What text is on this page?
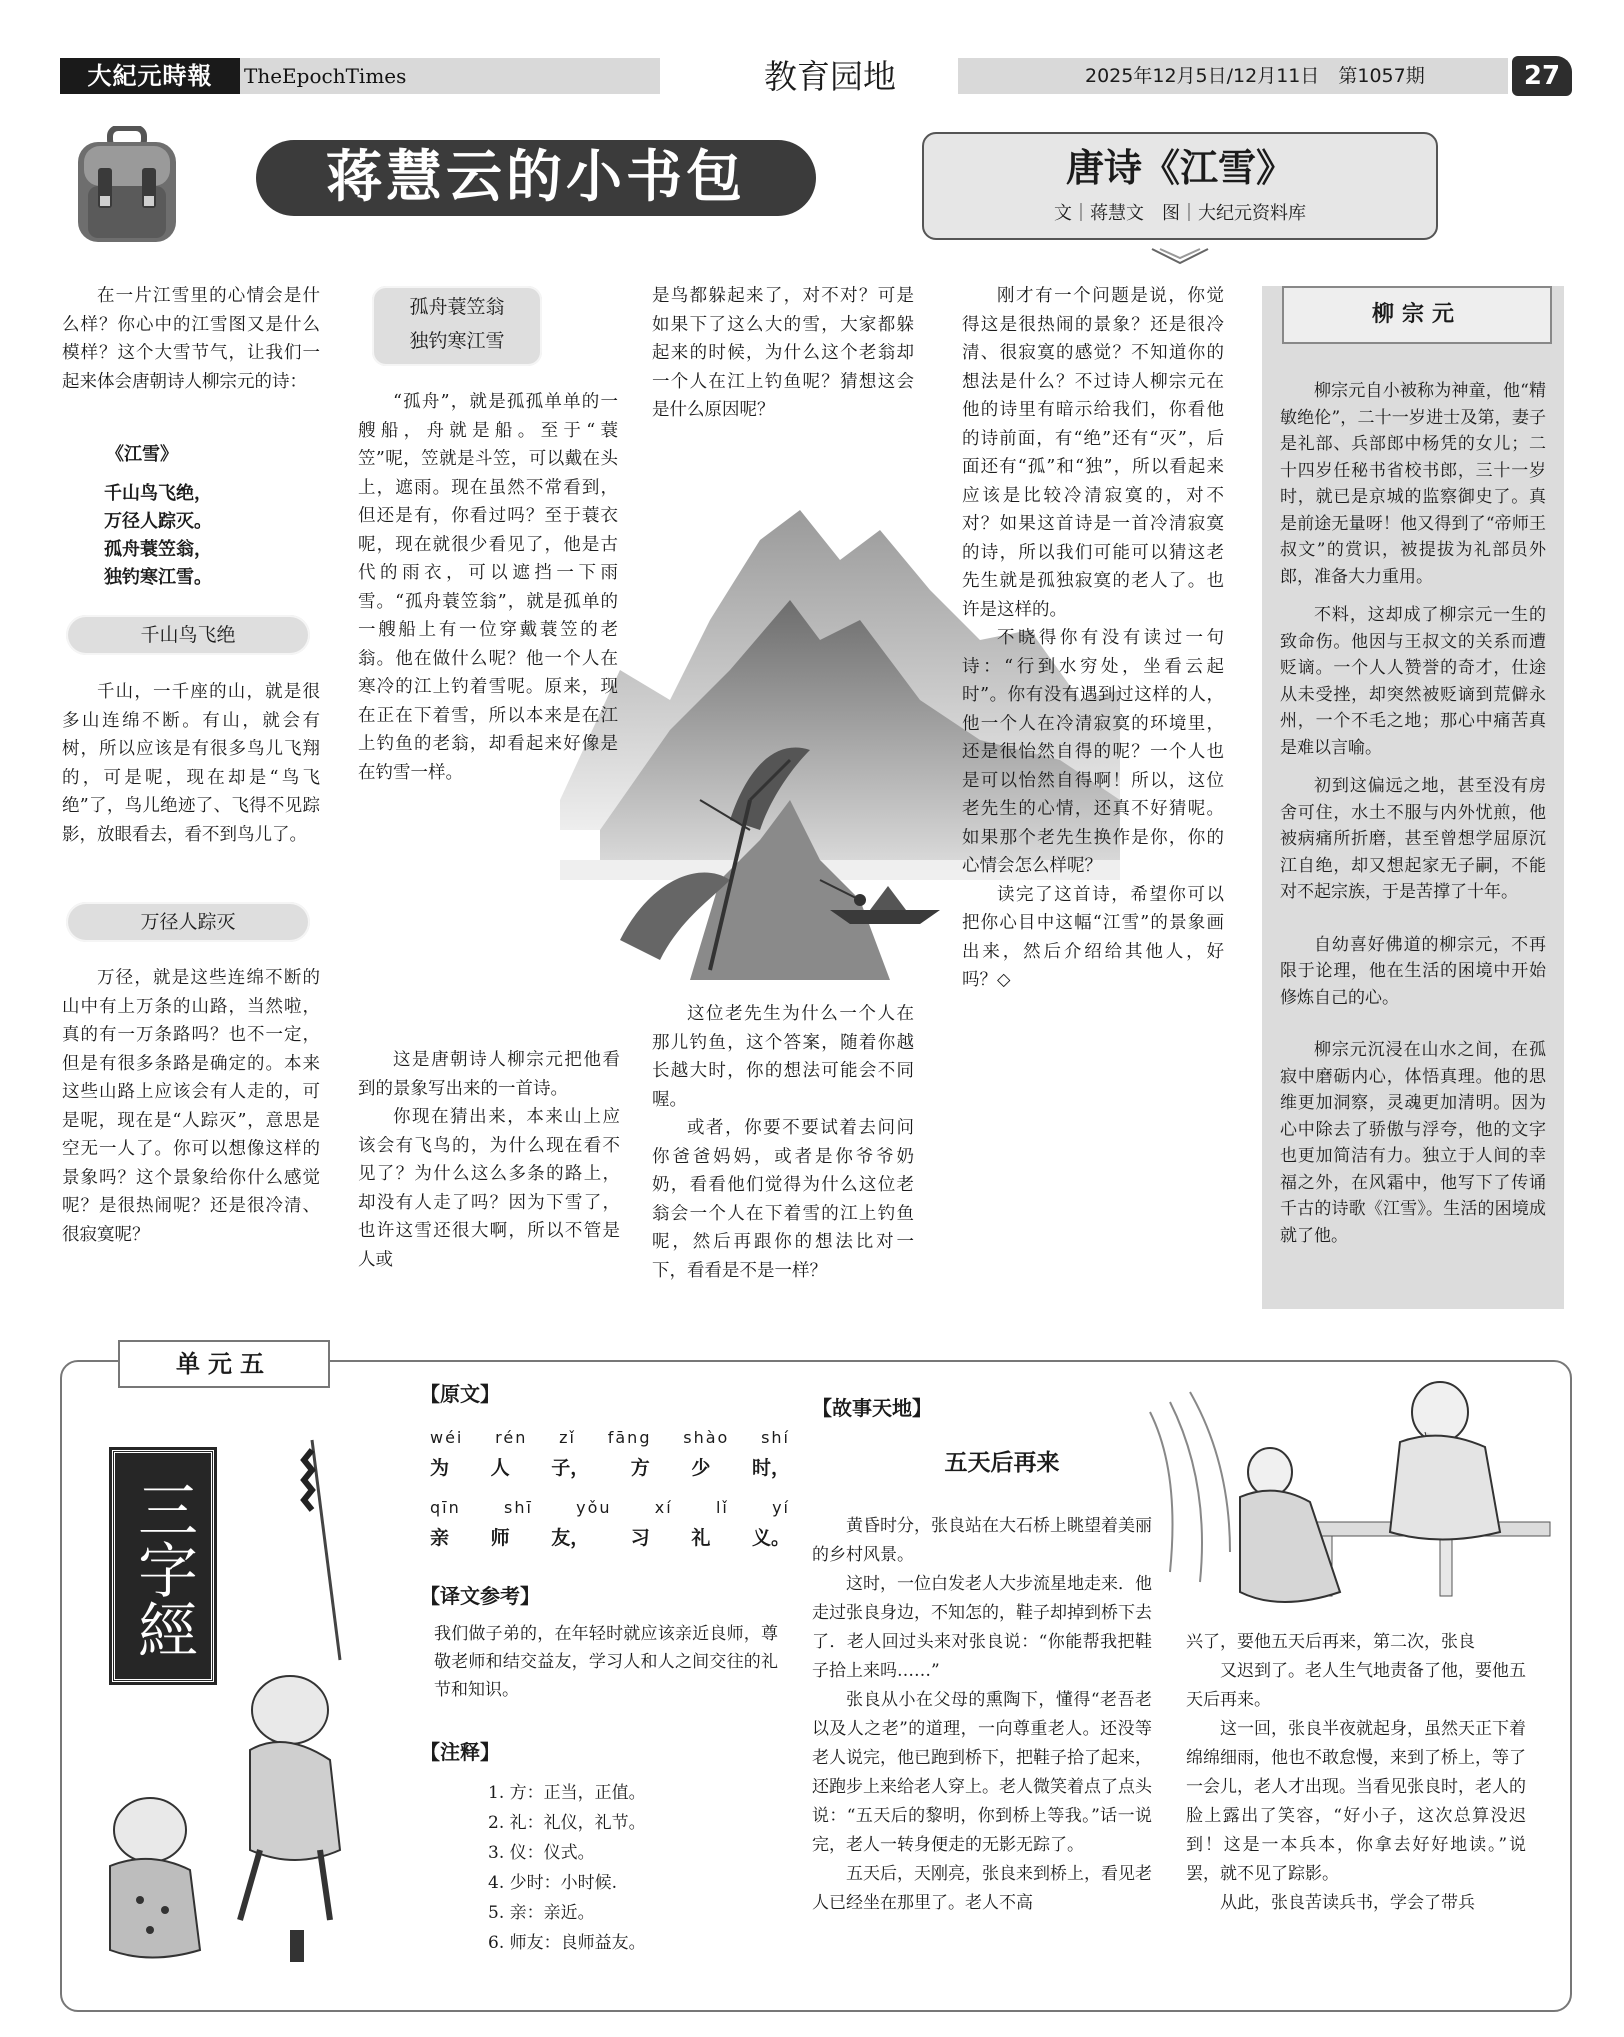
大紀元時報	TheEpochTimes	教育园地	2025年12月5日/12月11日　第1057期	27
蒋慧云的小书包	唐诗《江雪》
文｜蒋慧文　图｜大纪元资料库

在一片江雪里的心情会是什么样？你心中的江雪图又是什么模样？这个大雪节气，让我们一起来体会唐朝诗人柳宗元的诗：

《江雪》
千山鸟飞绝，
万径人踪灭。
孤舟蓑笠翁，
独钓寒江雪。
千山鸟飞绝

千山，一千座的山，就是很多山连绵不断。有山，就会有树，所以应该是有很多鸟儿飞翔的，可是呢，现在却是“鸟飞绝”了，鸟儿绝迹了、飞得不见踪影，放眼看去，看不到鸟儿了。

万径人踪灭

万径，就是这些连绵不断的山中有上万条的山路，当然啦，真的有一万条路吗？也不一定，但是有很多条路是确定的。本来这些山路上应该会有人走的，可是呢，现在是“人踪灭”，意思是空无一人了。你可以想像这样的景象吗？这个景象给你什么感觉呢？是很热闹呢？还是很冷清、很寂寞呢？

孤舟蓑笠翁
独钓寒江雪

“孤舟”，就是孤孤单单的一艘船，舟就是船。至于“蓑笠”呢，笠就是斗笠，可以戴在头上，遮雨。现在虽然不常看到，但还是有，你看过吗？至于蓑衣呢，现在就很少看见了，他是古代的雨衣，可以遮挡一下雨雪。“孤舟蓑笠翁”，就是孤单的一艘船上有一位穿戴蓑笠的老翁。他在做什么呢？他一个人在寒冷的江上钓着雪呢。原来，现在正在下着雪，所以本来是在江上钓鱼的老翁，却看起来好像是在钓雪一样。

这是唐朝诗人柳宗元把他看到的景象写出来的一首诗。

你现在猜出来，本来山上应该会有飞鸟的，为什么现在看不见了？为什么这么多条的路上，却没有人走了吗？因为下雪了，也许这雪还很大啊，所以不管是人或

是鸟都躲起来了，对不对？可是如果下了这么大的雪，大家都躲起来的时候，为什么这个老翁却一个人在江上钓鱼呢？猜想这会是什么原因呢？

这位老先生为什么一个人在那儿钓鱼，这个答案，随着你越长越大时，你的想法可能会不同喔。

或者，你要不要试着去问问你爸爸妈妈，或者是你爷爷奶奶，看看他们觉得为什么这位老翁会一个人在下着雪的江上钓鱼呢，然后再跟你的想法比对一下，看看是不是一样？

刚才有一个问题是说，你觉得这是很热闹的景象？还是很冷清、很寂寞的感觉？不知道你的想法是什么？不过诗人柳宗元在他的诗里有暗示给我们，你看他的诗前面，有“绝”还有“灭”，后面还有“孤”和“独”，所以看起来应该是比较冷清寂寞的，对不对？如果这首诗是一首冷清寂寞的诗，所以我们可能可以猜这老先生就是孤独寂寞的老人了。也许是这样的。

不晓得你有没有读过一句诗：“行到水穷处，坐看云起时”。你有没有遇到过这样的人，他一个人在冷清寂寞的环境里，还是很怡然自得的呢？一个人也是可以怡然自得啊！所以，这位老先生的心情，还真不好猜呢。如果那个老先生换作是你，你的心情会怎么样呢？

读完了这首诗，希望你可以把你心目中这幅“江雪”的景象画出来，然后介绍给其他人，好吗？◇

柳宗元

柳宗元自小被称为神童，他“精敏绝伦”，二十一岁进士及第，妻子是礼部、兵部郎中杨凭的女儿；二十四岁任秘书省校书郎，三十一岁时，就已是京城的监察御史了。真是前途无量呀！他又得到了“帝师王叔文”的赏识，被提拔为礼部员外郎，准备大力重用。

不料，这却成了柳宗元一生的致命伤。他因与王叔文的关系而遭贬谪。一个人人赞誉的奇才，仕途从未受挫，却突然被贬谪到荒僻永州，一个不毛之地；那心中痛苦真是难以言喻。

初到这偏远之地，甚至没有房舍可住，水土不服与内外忧煎，他被病痛所折磨，甚至曾想学屈原沉江自绝，却又想起家无子嗣，不能对不起宗族，于是苦撑了十年。

自幼喜好佛道的柳宗元，不再限于论理，他在生活的困境中开始修炼自己的心。

柳宗元沉浸在山水之间，在孤寂中磨砺内心，体悟真理。他的思维更加洞察，灵魂更加清明。因为心中除去了骄傲与浮夸，他的文字也更加简洁有力。独立于人间的幸福之外，在风霜中，他写下了传诵千古的诗歌《江雪》。生活的困境成就了他。

单元五
三字經
【原文】
wéi rén zǐ fāng shào shí
为 人 子， 方 少 时，
qīn	shī	yǒu	xí	lǐ	yí
亲 师 友， 习 礼 义。
【译文参考】
我们做子弟的，在年轻时就应该亲近良师，尊敬老师和结交益友，学习人和人之间交往的礼节和知识。
【注释】
1. 方：正当，正值。
2. 礼：礼仪，礼节。
3. 仪：仪式。
4. 少时：小时候.
5. 亲：亲近。
6. 师友：良师益友。
【故事天地】
五天后再来

黄昏时分，张良站在大石桥上眺望着美丽的乡村风景。

这时，一位白发老人大步流星地走来．他走过张良身边，不知怎的，鞋子却掉到桥下去了．老人回过头来对张良说：“你能帮我把鞋子拾上来吗……”

张良从小在父母的熏陶下，懂得“老吾老以及人之老”的道理，一向尊重老人。还没等老人说完，他已跑到桥下，把鞋子拾了起来，还跑步上来给老人穿上。老人微笑着点了点头说：“五天后的黎明，你到桥上等我。”话一说完，老人一转身便走的无影无踪了。

五天后，天刚亮，张良来到桥上，看见老人已经坐在那里了。老人不高

兴了，要他五天后再来，第二次，张良

又迟到了。老人生气地责备了他，要他五天后再来。

这一回，张良半夜就起身，虽然天正下着绵绵细雨，他也不敢怠慢，来到了桥上，等了一会儿，老人才出现。当看见张良时，老人的脸上露出了笑容，“好小子，这次总算没迟到！这是一本兵本，你拿去好好地读。”说罢，就不见了踪影。

从此，张良苦读兵书，学会了带兵
